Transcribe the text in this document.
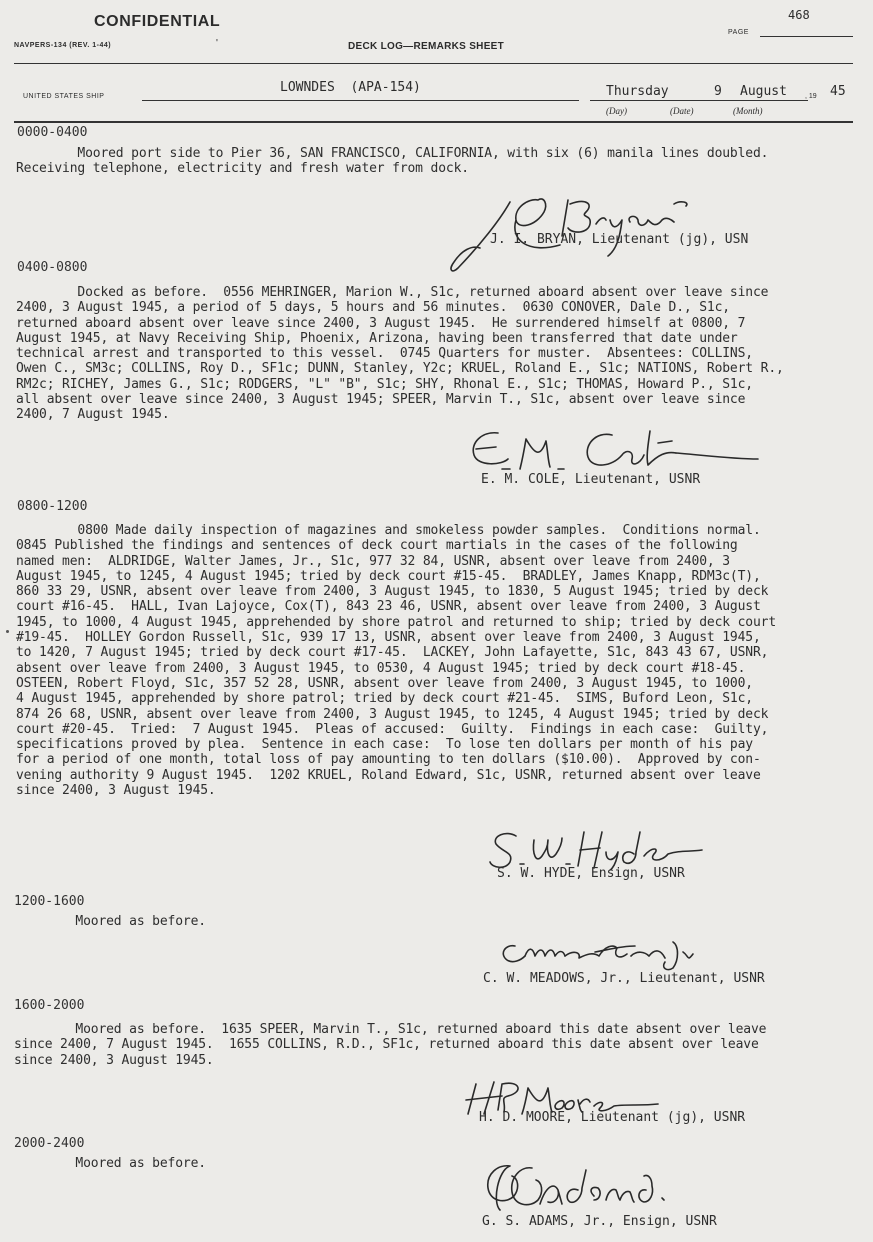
CONFIDENTIAL
NAVPERS-134 (REV. 1-44)	'	DECK LOG—REMARKS SHEET
PAGE
468
UNITED STATES SHIP
LOWNDES  (APA-154)	Thursday	9 August	, 19 45
(Day)	(Date)	(Month)
0000-0400
Moored port side to Pier 36, SAN FRANCISCO, CALIFORNIA, with six (6) manila lines doubled.
Receiving telephone, electricity and fresh water from dock.
J. I. BRYAN, Lieutenant (jg), USN
0400-0800
Docked as before.  0556 MEHRINGER, Marion W., S1c, returned aboard absent over leave since
2400, 3 August 1945, a period of 5 days, 5 hours and 56 minutes.  0630 CONOVER, Dale D., S1c,
returned aboard absent over leave since 2400, 3 August 1945.  He surrendered himself at 0800, 7
August 1945, at Navy Receiving Ship, Phoenix, Arizona, having been transferred that date under
technical arrest and transported to this vessel.  0745 Quarters for muster.  Absentees: COLLINS,
Owen C., SM3c; COLLINS, Roy D., SF1c; DUNN, Stanley, Y2c; KRUEL, Roland E., S1c; NATIONS, Robert R.,
RM2c; RICHEY, James G., S1c; RODGERS, "L" "B", S1c; SHY, Rhonal E., S1c; THOMAS, Howard P., S1c,
all absent over leave since 2400, 3 August 1945; SPEER, Marvin T., S1c, absent over leave since
2400, 7 August 1945.
E. M. COLE, Lieutenant, USNR
0800-1200
0800 Made daily inspection of magazines and smokeless powder samples.  Conditions normal.
0845 Published the findings and sentences of deck court martials in the cases of the following
named men:  ALDRIDGE, Walter James, Jr., S1c, 977 32 84, USNR, absent over leave from 2400, 3
August 1945, to 1245, 4 August 1945; tried by deck court #15-45.  BRADLEY, James Knapp, RDM3c(T),
860 33 29, USNR, absent over leave from 2400, 3 August 1945, to 1830, 5 August 1945; tried by deck
court #16-45.  HALL, Ivan Lajoyce, Cox(T), 843 23 46, USNR, absent over leave from 2400, 3 August
1945, to 1000, 4 August 1945, apprehended by shore patrol and returned to ship; tried by deck court
#19-45.  HOLLEY Gordon Russell, S1c, 939 17 13, USNR, absent over leave from 2400, 3 August 1945,
to 1420, 7 August 1945; tried by deck court #17-45.  LACKEY, John Lafayette, S1c, 843 43 67, USNR,
absent over leave from 2400, 3 August 1945, to 0530, 4 August 1945; tried by deck court #18-45.
OSTEEN, Robert Floyd, S1c, 357 52 28, USNR, absent over leave from 2400, 3 August 1945, to 1000,
4 August 1945, apprehended by shore patrol; tried by deck court #21-45.  SIMS, Buford Leon, S1c,
874 26 68, USNR, absent over leave from 2400, 3 August 1945, to 1245, 4 August 1945; tried by deck
court #20-45.  Tried:  7 August 1945.  Pleas of accused:  Guilty.  Findings in each case:  Guilty,
specifications proved by plea.  Sentence in each case:  To lose ten dollars per month of his pay
for a period of one month, total loss of pay amounting to ten dollars ($10.00).  Approved by con-
vening authority 9 August 1945.  1202 KRUEL, Roland Edward, S1c, USNR, returned absent over leave
since 2400, 3 August 1945.
S. W. HYDE, Ensign, USNR
1200-1600
Moored as before.
C. W. MEADOWS, Jr., Lieutenant, USNR
1600-2000
Moored as before.  1635 SPEER, Marvin T., S1c, returned aboard this date absent over leave
since 2400, 7 August 1945.  1655 COLLINS, R.D., SF1c, returned aboard this date absent over leave
since 2400, 3 August 1945.
H. D. MOORE, Lieutenant (jg), USNR
2000-2400
Moored as before.
G. S. ADAMS, Jr., Ensign, USNR
